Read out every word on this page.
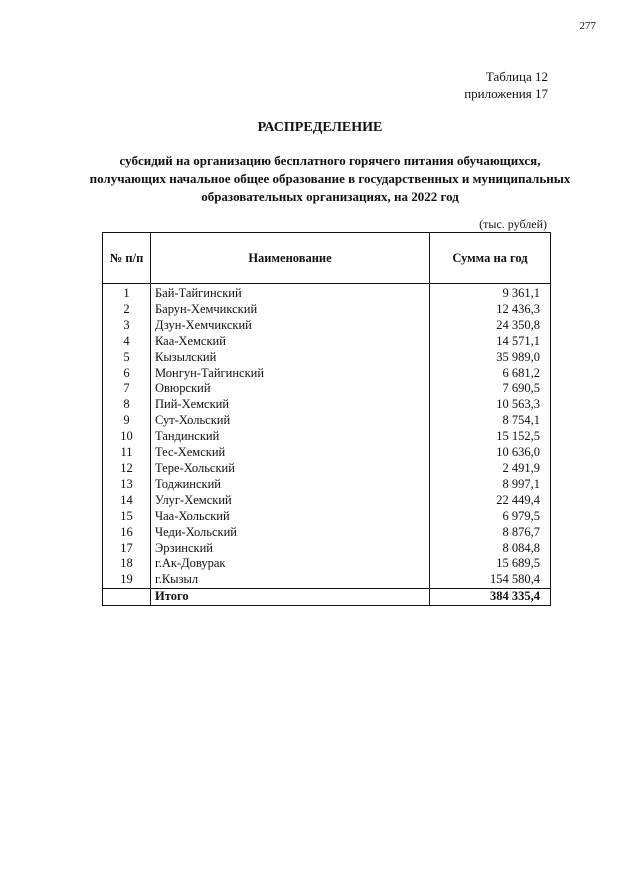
277
Таблица 12
приложения 17
РАСПРЕДЕЛЕНИЕ
субсидий на организацию бесплатного горячего питания обучающихся, получающих начальное общее образование в государственных и муниципальных образовательных организациях, на 2022 год
(тыс. рублей)
№ п/п	Наименование	Сумма на год
1	Бай-Тайгинский	9 361,1
2	Барун-Хемчикский	12 436,3
3	Дзун-Хемчикский	24 350,8
4	Каа-Хемский	14 571,1
5	Кызылский	35 989,0
6	Монгун-Тайгинский	6 681,2
7	Овюрский	7 690,5
8	Пий-Хемский	10 563,3
9	Сут-Хольский	8 754,1
10	Тандинский	15 152,5
11	Тес-Хемский	10 636,0
12	Тере-Хольский	2 491,9
13	Тоджинский	8 997,1
14	Улуг-Хемский	22 449,4
15	Чаа-Хольский	6 979,5
16	Чеди-Хольский	8 876,7
17	Эрзинский	8 084,8
18	г.Ак-Довурак	15 689,5
19	г.Кызыл	154 580,4
	Итого	384 335,4
